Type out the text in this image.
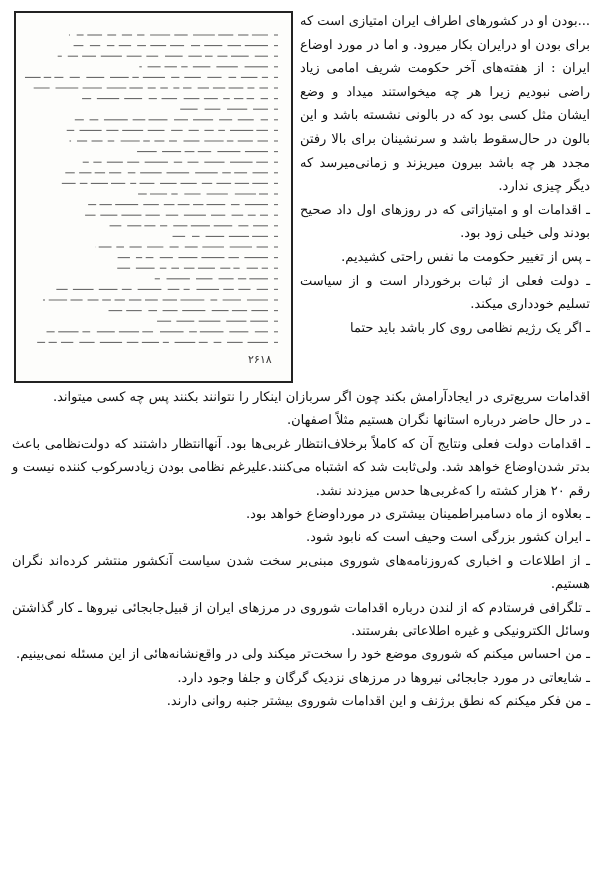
۲۶۱۸

...بودن او در کشورهای اطراف ایران امتیازی است که برای بودن او درایران بکار میرود. و اما در مورد اوضاع ایران : از هفته‌های آخر حکومت شریف امامی زیاد راضی نبودیم زیرا هر چه میخواستند میداد و وضع ایشان مثل کسی بود که در بالونی نشسته باشد و این بالون در حال‌سقوط باشد و سرنشینان برای بالا رفتن مجدد هر چه باشد بیرون میریزند و زمانی‌میرسد که دیگر چیزی ندارد.

ـ اقدامات او و امتیازاتی که در روزهای اول داد صحیح بودند ولی خیلی زود بود.

ـ پس از تغییر حکومت ما نفس راحتی کشیدیم.

ـ دولت فعلی از ثبات برخوردار است و از سیاست تسلیم خودداری میکند.

ـ اگر یک رژیم نظامی روی کار باشد باید حتما

اقدامات سریع‌تری در ایجادآرامش بکند چون اگر سربازان اینکار را نتوانند بکنند پس چه کسی میتواند.

ـ در حال حاضر درباره استانها نگران هستیم مثلاً اصفهان.

ـ اقدامات دولت فعلی ونتایج آن که کاملاً برخلاف‌انتظار غربی‌ها بود. آنهاانتظار داشتند که دولت‌نظامی باعث بدتر شدن‌اوضاع خواهد شد. ولی‌ثابت شد که اشتباه می‌کنند.علیرغم نظامی بودن زیاد‌سرکوب کننده نیست و رقم ۲۰ هزار کشته را که‌غربی‌ها حدس میزدند نشد.

ـ بعلاوه از ماه دسامبراطمینان بیشتری در مورداوضاع خواهد بود.

ـ ایران کشور بزرگی است وحیف است که نابود شود.

ـ از اطلاعات و اخباری که‌روزنامه‌های شوروی مبنی‌بر سخت شدن سیاست آنکشور منتشر کرده‌اند نگران هستیم.

ـ تلگرافی فرستادم که از لندن درباره اقدامات شوروی در مرزهای ایران از قبیل‌جابجائی نیروها ـ کار گذاشتن وسائل الکترونیکی و غیره اطلاعاتی بفرستند.

ـ من احساس میکنم که شوروی موضع خود را سخت‌تر میکند ولی در واقع‌نشانه‌هائی از این مسئله نمی‌بینیم.

ـ شایعاتی در مورد جابجائی نیروها در مرزهای نزدیک گرگان و جلفا وجود دارد.

ـ من فکر میکنم که نطق برژنف و این اقدامات شوروی بیشتر جنبه روانی دارند.
